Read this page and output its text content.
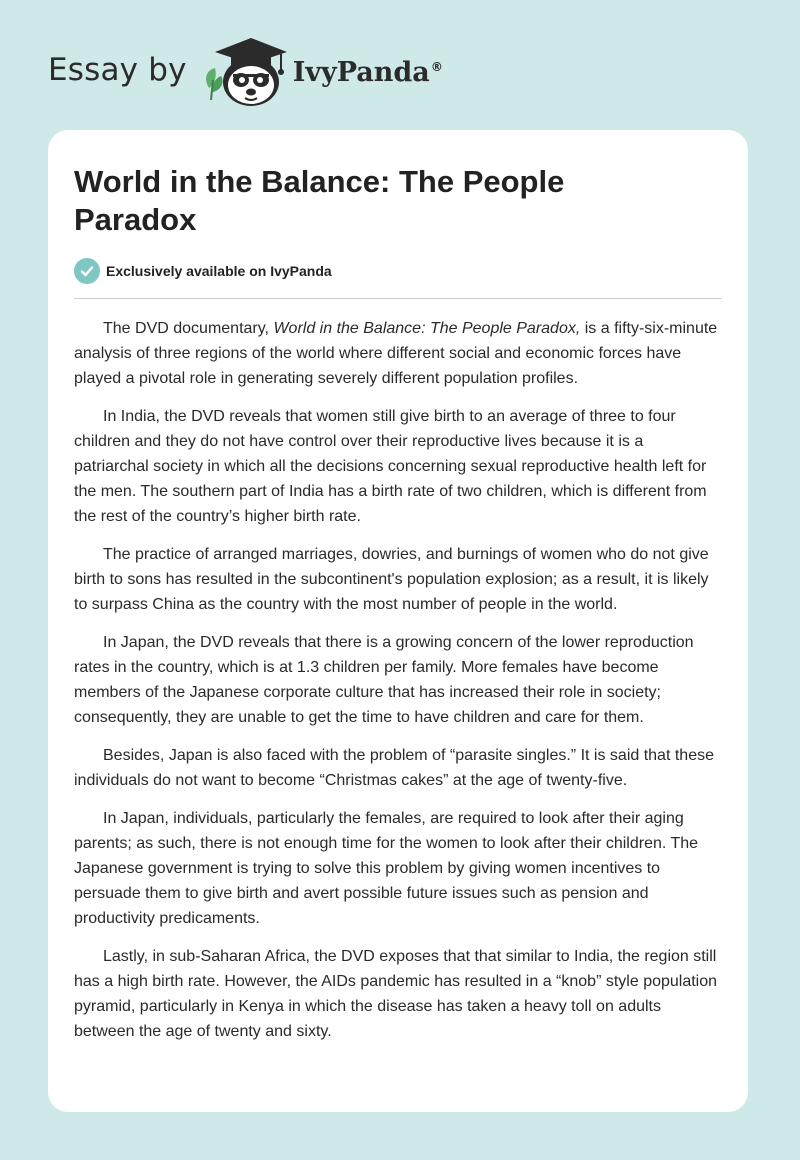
Essay by	IvyPanda®
World in the Balance: The People Paradox
Exclusively available on IvyPanda

The DVD documentary, World in the Balance: The People Paradox, is a fifty-six-minute analysis of three regions of the world where different social and economic forces have played a pivotal role in generating severely different population profiles.

In India, the DVD reveals that women still give birth to an average of three to four children and they do not have control over their reproductive lives because it is a patriarchal society in which all the decisions concerning sexual reproductive health left for the men. The southern part of India has a birth rate of two children, which is different from the rest of the country’s higher birth rate.

The practice of arranged marriages, dowries, and burnings of women who do not give birth to sons has resulted in the subcontinent's population explosion; as a result, it is likely to surpass China as the country with the most number of people in the world.

In Japan, the DVD reveals that there is a growing concern of the lower reproduction rates in the country, which is at 1.3 children per family. More females have become members of the Japanese corporate culture that has increased their role in society; consequently, they are unable to get the time to have children and care for them.

Besides, Japan is also faced with the problem of “parasite singles.” It is said that these individuals do not want to become “Christmas cakes” at the age of twenty-five.

In Japan, individuals, particularly the females, are required to look after their aging parents; as such, there is not enough time for the women to look after their children. The Japanese government is trying to solve this problem by giving women incentives to persuade them to give birth and avert possible future issues such as pension and productivity predicaments.

Lastly, in sub-Saharan Africa, the DVD exposes that that similar to India, the region still has a high birth rate. However, the AIDs pandemic has resulted in a “knob” style population pyramid, particularly in Kenya in which the disease has taken a heavy toll on adults between the age of twenty and sixty.
